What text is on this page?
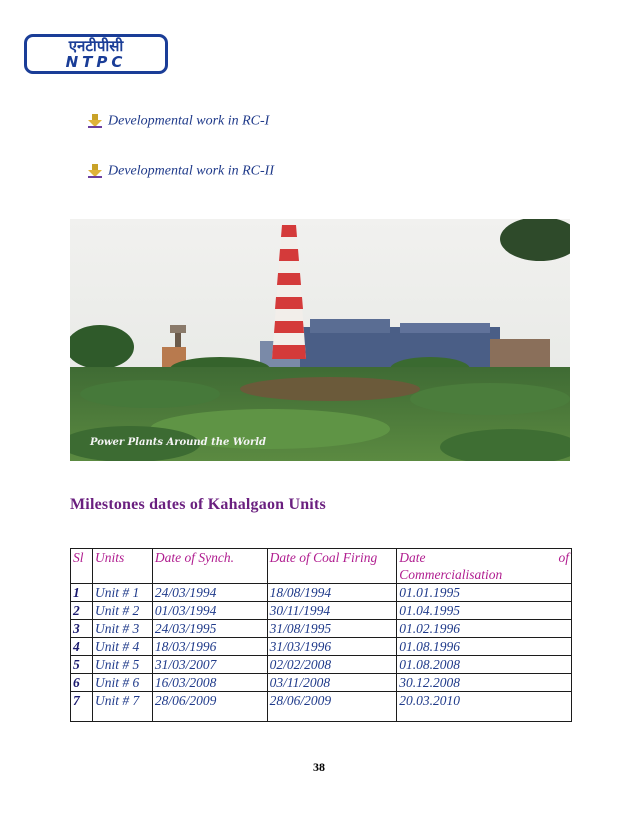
एनटीपीसी
NTPC
Developmental work in RC-I
Developmental work in RC-II
Power Plants Around the World
Milestones dates of Kahalgaon Units
Sl	Units	Date of Synch.	Date of Coal Firing	Date of
Commercialisation

1	Unit # 1	24/03/1994	18/08/1994	01.01.1995
2	Unit # 2	01/03/1994	30/11/1994	01.04.1995
3	Unit # 3	24/03/1995	31/08/1995	01.02.1996
4	Unit # 4	18/03/1996	31/03/1996	01.08.1996
5	Unit # 5	31/03/2007	02/02/2008	01.08.2008
6	Unit # 6	16/03/2008	03/11/2008	30.12.2008
7	Unit # 7	28/06/2009	28/06/2009	20.03.2010
38
